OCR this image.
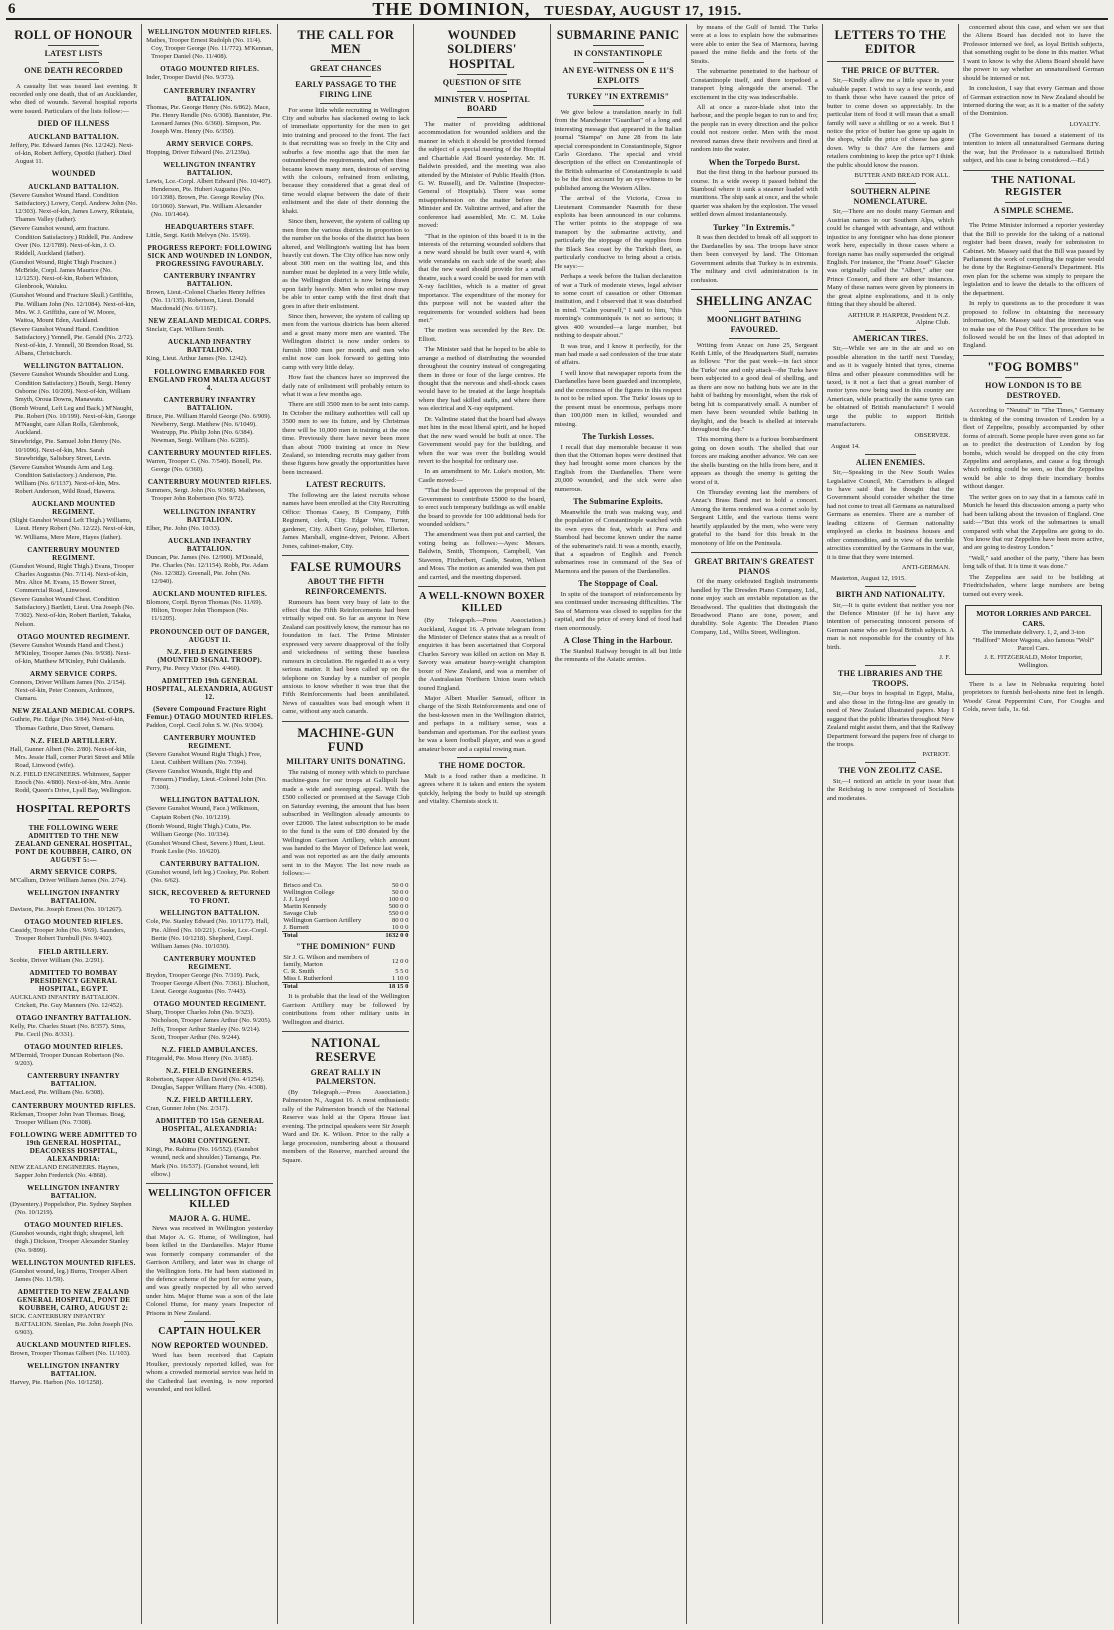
6	THE DOMINION, TUESDAY, AUGUST 17, 1915.
ROLL OF HONOUR
LATEST LISTS
ONE DEATH RECORDED

A casualty list was issued last evening. It recorded only one death, that of an Aucklander, who died of wounds. Several hospital reports were issued. Particulars of the lists follow:—

DIED OF ILLNESS
AUCKLAND BATTALION.

Jeffery, Pte. Edward James (No. 12/242). Next-of-kin, Robert Jeffery, Opotiki (father). Died August 11.

WOUNDED
AUCKLAND BATTALION.

(Severe Gunshot Wound Hand. Condition Satisfactory.) Lowry, Corpl. Andrew John (No. 12/303). Next-of-kin, James Lowry, Rikutaia, Thames Valley (father).

(Severe Gunshot wound, arm fracture. Condition Satisfactory.) Riddell, Pte. Andrew Over (No. 12/1789). Next-of-kin, J. O. Riddell, Auckland (father).

(Gunshot Wound, Right Thigh Fracture.) McBride, Corpl. James Maurice (No. 12/1253). Next-of-kin, Robert Whiston, Glenbrook, Waiuku.

(Gunshot Wound and Fracture Skull.) Griffiths, Pte. William John (No. 12/1084). Next-of-kin, Mrs. W. J. Griffiths, care of W. Moore, Waitoa, Mount Eden, Auckland.

(Severe Gunshot Wound Hand. Condition Satisfactory.) Yennell, Pte. Gerald (No. 2/72). Next-of-kin, J. Yennell, 30 Brendon Road, St. Albans, Christchurch.

WELLINGTON BATTALION.

(Severe Gunshot Wounds Shoulder and Lung. Condition Satisfactory.) Bouth, Sergt. Henry Osborne (No. 10/209). Next-of-kin, William Smyth, Oroua Downs, Manawatu.

(Bomb Wound, Left Leg and Back.) M'Naught, Pte. Robert (No. 10/199). Next-of-kin, George M'Naught, care Allan Rolls, Glenbrook, Auckland.

Strawbridge, Pte. Samuel John Henry (No. 10/1096). Next-of-kin, Mrs. Sarah Strawbridge, Salisbury Street, Levin.

(Severe Gunshot Wounds Arm and Leg. Condition Satisfactory.) Anderson, Pte. William (No. 6/1137). Next-of-kin, Mrs. Robert Anderson, Wild Road, Hawera.

AUCKLAND MOUNTED REGIMENT.

(Slight Gunshot Wound Left Thigh.) Williams, Lieut. Henry Robert (No. 12/22). Next-of-kin, W. Williams, Mere Mere, Hayes (father).

CANTERBURY MOUNTED REGIMENT.

(Gunshot Wound, Right Thigh.) Evans, Trooper Charles Augustus (No. 7/114). Next-of-kin, Mrs. Alice M. Evans, 15 Bower Street, Commercial Road, Linwood.

(Severe Gunshot Wound Chest. Condition Satisfactory.) Bartlett, Lieut. Una Joseph (No. 7/302). Next-of-kin, Robert Bartlett, Takaka, Nelson.

OTAGO MOUNTED REGIMENT.

(Severe Gunshot Wounds Hand and Chest.) M'Kinley, Trooper James (No. 9/938). Next-of-kin, Matthew M'Kinley, Puhi Oaklands.

ARMY SERVICE CORPS.

Connors, Driver William James (No. 2/154). Next-of-kin, Peter Connors, Ardmore, Oamaru.

NEW ZEALAND MEDICAL CORPS.

Guthrie, Pte. Edgar (No. 3/84). Next-of-kin, Thomas Guthrie, Duo Street, Oamaru.

N.Z. FIELD ARTILLERY.

Hall, Gunner Albert (No. 2/80). Next-of-kin, Mrs. Jessie Hall, corner Puriri Street and Mile Road, Linwood (wife).

N.Z. FIELD ENGINEERS. Whitmore, Sapper Enoch (No. 4/880). Next-of-kin, Mrs. Annie Rodd, Queen's Drive, Lyall Bay, Wellington.

HOSPITAL REPORTS
THE FOLLOWING WERE ADMITTED TO THE NEW ZEALAND GENERAL HOSPITAL, PONT DE KOUBBEH, CAIRO, ON AUGUST 5:—
ARMY SERVICE CORPS.

M'Callum, Driver William James (No. 2/74).

WELLINGTON INFANTRY BATTALION.

Davison, Pte. Joseph Ernest (No. 10/1267).

OTAGO MOUNTED RIFLES.

Cassidy, Trooper John (No. 9/69). Saunders, Trooper Robert Turnbull (No. 9/402).

FIELD ARTILLERY.

Scobie, Driver William (No. 2/291).

ADMITTED TO BOMBAY PRESIDENCY GENERAL HOSPITAL, EGYPT.

AUCKLAND INFANTRY BATTALION. Crickett, Pte. Guy Manners (No. 12/452).

OTAGO INFANTRY BATTALION.

Kelly, Pte. Charles Stuart (No. 8/357). Sims, Pte. Cecil (No. 8/331).

OTAGO MOUNTED RIFLES.

M'Dermid, Trooper Duncan Robertson (No. 9/203).

CANTERBURY INFANTRY BATTALION.

MacLeod, Pte. William (No. 6/308).

CANTERBURY MOUNTED RIFLES.

Rickman, Trooper John Ivan Thomas. Boag, Trooper William (No. 7/308).

FOLLOWING WERE ADMITTED TO 19th GENERAL HOSPITAL, DEACONESS HOSPITAL, ALEXANDRIA:

NEW ZEALAND ENGINEERS. Haynes, Sapper John Frederick (No. 4/868).

WELLINGTON INFANTRY BATTALION.

(Dysentery.) Poppelsthor, Pte. Sydney Stephen (No. 10/1219).

OTAGO MOUNTED RIFLES.

(Gunshot wounds, right thigh; shrapnel, left thigh.) Dickson, Trooper Alexander Stanley (No. 9/899).

WELLINGTON MOUNTED RIFLES.

(Gunshot wound, leg.) Burns, Trooper Albert James (No. 11/59).

ADMITTED TO NEW ZEALAND GENERAL HOSPITAL, PONT DE KOUBBEH, CAIRO, AUGUST 2:

SICK. CANTERBURY INFANTRY BATTALION. Stenlan, Pte. John Joseph (No. 6/903).

AUCKLAND MOUNTED RIFLES.

Brown, Trooper Thomas Gilbert (No. 11/103).

WELLINGTON INFANTRY BATTALION.

Harvey, Pte. Harbon (No. 10/1258).

WELLINGTON MOUNTED RIFLES.

Mathes, Trooper Ernest Rudolph (No. 11/4). Coy, Trooper George (No. 11/772). M'Kennan, Trooper Daniel (No. 11/408).

OTAGO MOUNTED RIFLES.

Inder, Trooper David (No. 9/373).

CANTERBURY INFANTRY BATTALION.

Thomas, Pte. George Henry (No. 6/862). Mace, Pte. Henry Rendle (No. 6/308). Bannister, Pte. Leonard James (No. 6/360). Simpson, Pte. Joseph Wm. Henry (No. 6/350).

ARMY SERVICE CORPS.

Hopping, Driver Edward (No. 2/1239a).

WELLINGTON INFANTRY BATTALION.

Lewis, Lce.-Corpl. Albert Edward (No. 10/407). Henderson, Pte. Hubert Augustus (No. 10/1398). Brown, Pte. George Rowlay (No. 10/1060). Stewart, Pte. William Alexander (No. 10/1464).

HEADQUARTERS STAFF.

Little, Sergt. Keith Melvyn (No. 15/69).

PROGRESS REPORT: FOLLOWING SICK AND WOUNDED IN LONDON, PROGRESSING FAVOURABLY.
CANTERBURY INFANTRY BATTALION.

Brown, Lieut.-Colonel Charles Henry Jeffries (No. 11/135). Robertson, Lieut. Donald Macdonald (No. 6/1167).

NEW ZEALAND MEDICAL CORPS.

Sinclair, Capt. William Smith.

AUCKLAND INFANTRY BATTALION.

King, Lieut. Arthur James (No. 12/42).

FOLLOWING EMBARKED FOR ENGLAND FROM MALTA AUGUST 4.
CANTERBURY INFANTRY BATTALION.

Bruce, Pte. William Harold George (No. 6/909). Newberry, Sergt. Matthew (No. 6/1049). Westrupp, Pte. Philip John (No. 6/384). Newman, Sergt. William (No. 6/285).

CANTERBURY MOUNTED RIFLES.

Warren, Trooper C. (No. 7/540). Bonell, Pte. George (No. 6/360).

CANTERBURY MOUNTED RIFLES.

Summers, Sergt. John (No. 9/368). Matheson, Trooper John Robertson (No. 9/72).

WELLINGTON INFANTRY BATTALION.

Elber, Pte. John (No. 10/33).

AUCKLAND INFANTRY BATTALION.

Duncan, Pte. James (No. 12/990). M'Donald, Pte. Charles (No. 12/1154). Robb, Pte. Adam (No. 12/382). Greenall, Pte. John (No. 12/940).

AUCKLAND MOUNTED RIFLES.

Blomore, Corpl. Byron Thomas (No. 11/69). Hilton, Trooper John Thompson (No. 11/1205).

PRONOUNCED OUT OF DANGER, AUGUST 11.
N.Z. FIELD ENGINEERS (MOUNTED SIGNAL TROOP).

Perry, Pte. Percy Victor (No. 4/460).

ADMITTED 19th GENERAL HOSPITAL, ALEXANDRIA, AUGUST 12.
(Severe Compound Fracture Right Femur.) OTAGO MOUNTED RIFLES.

Paddon, Corpl. Cecil John S. W. (No. 9/304).

CANTERBURY MOUNTED REGIMENT.

(Severe Gunshot Wound Right Thigh.) Free, Lieut. Cuthbert William (No. 7/394).

(Severe Gunshot Wounds, Right Hip and Forearm.) Findlay, Lieut.-Colonel John (No. 7/300).

WELLINGTON BATTALION.

(Severe Gunshot Wound, Face.) Wilkinson, Captain Robert (No. 10/1219).

(Bomb Wound, Right Thigh.) Cutts, Pte. William George (No. 10/334).

(Gunshot Wound Chest, Severe.) Hunt, Lieut. Frank Leslie (No. 10/620).

CANTERBURY BATTALION.

(Gunshot wound, left leg.) Cookey, Pte. Robert (No. 6/62).

SICK, RECOVERED & RETURNED TO FRONT.
WELLINGTON BATTALION.

Cole, Pte. Stanley Edward (No. 10/1177). Hall, Pte. Alfred (No. 10/221). Cooke, Lce.-Corpl. Bertie (No. 10/1218). Shepherd, Corpl. William James (No. 10/1030).

CANTERBURY MOUNTED REGIMENT.

Brydon, Trooper George (No. 7/319). Pack, Trooper George Albert (No. 7/361). Bluchott, Lieut. George Augustus (No. 7/443).

OTAGO MOUNTED REGIMENT.

Sharp, Trooper Charles John (No. 9/323). Nicholson, Trooper James Arthur (No. 9/205). Jeffs, Trooper Arthur Stanley (No. 9/214). Scott, Trooper Arthur (No. 9/244).

N.Z. FIELD AMBULANCES.

Fitzgerald, Pte. Moss Henry (No. 3/185).

N.Z. FIELD ENGINEERS.

Robertson, Sapper Allan David (No. 4/1254). Douglas, Sapper William Harry (No. 4/308).

N.Z. FIELD ARTILLERY.

Cran, Gunner John (No. 2/317).

ADMITTED TO 15th GENERAL HOSPITAL, ALEXANDRIA:
MAORI CONTINGENT.

Kingi, Pte. Rahima (No. 16/552). (Gunshot wound, neck and shoulder.) Tamanga, Pte. Mark (No. 16/537). (Gunshot wound, left elbow.)

WELLINGTON OFFICER KILLED
MAJOR A. G. HUME.

News was received in Wellington yesterday that Major A. G. Hume, of Wellington, had been killed in the Dardanelles. Major Hume was formerly company commander of the Garrison Artillery, and later was in charge of the Wellington forts. He had been stationed in the defence scheme of the port for some years, and was greatly respected by all who served under him. Major Hume was a son of the late Colonel Hume, for many years Inspector of Prisons in New Zealand.

CAPTAIN HOULKER
NOW REPORTED WOUNDED.

Word has been received that Captain Houlker, previously reported killed, was for whom a crowded memorial service was held in the Cathedral last evening, is now reported wounded, and not killed.

THE CALL FOR MEN
GREAT CHANCES
EARLY PASSAGE TO THE FIRING LINE

For some little while recruiting in Wellington City and suburbs has slackened owing to lack of immediate opportunity for the men to get into training and proceed to the front. The fact is that recruiting was so freely in the City and suburbs a few months ago that the men far outnumbered the requirements, and when these became known many men, desirous of serving with the colours, refrained from enlisting, because they considered that a great deal of time would elapse between the date of their enlistment and the date of their donning the khaki.

Since then, however, the system of calling up men from the various districts in proportion to the number on the books of the district has been altered, and Wellington's waiting list has been heavily cut down. The City office has now only about 300 men on the waiting list, and this number must be depleted in a very little while, as the Wellington district is now being drawn upon fairly heavily. Men who enlist now may be able to enter camp with the first draft that goes in after their enlistment.

Since then, however, the system of calling up men from the various districts has been altered and a great many more men are wanted. The Wellington district is now under orders to furnish 1000 men per month, and men who enlist now can look forward to getting into camp with very little delay.

How fast the chances have so improved the daily rate of enlistment will probably return to what it was a few months ago.

There are still 3500 men to be sent into camp. In October the military authorities will call up 3500 men to see its future, and by Christmas there will be 10,000 men in training at the one time. Previously there have never been more than about 7000 training at once in New Zealand, so intending recruits may gather from these figures how greatly the opportunities have been increased.

LATEST RECRUITS.

The following are the latest recruits whose names have been enrolled at the City Recruiting Office: Thomas Casey, B Company, Fifth Regiment, clerk, City. Edgar Wm. Turner, gardener, City. Albert Gray, polisher, Ellerton. James Marshall, engine-driver, Petone. Albert Jones, cabinet-maker, City.

FALSE RUMOURS
ABOUT THE FIFTH REINFORCEMENTS.

Rumours has been very busy of late to the effect that the Fifth Reinforcements had been virtually wiped out. So far as anyone in New Zealand can positively know, the rumour has no foundation in fact. The Prime Minister expressed very severe disapproval of the folly and wickedness of setting these baseless rumours in circulation. He regarded it as a very serious matter. It had been called up on the telephone on Sunday by a number of people anxious to know whether it was true that the Fifth Reinforcements had been annihilated. News of casualties was bad enough when it came, without any such canards.

MACHINE-GUN FUND
MILITARY UNITS DONATING.

The raising of money with which to purchase machine-guns for our troops at Gallipoli has made a wide and sweeping appeal. With the £500 collected or promised at the Savage Club on Saturday evening, the amount that has been subscribed in Wellington already amounts to over £2000. The latest subscription to be made to the fund is the sum of £80 donated by the Wellington Garrison Artillery, which amount was handed to the Mayor of Defence last week, and was not reported as are the daily amounts sent in to the Mayor. The list now reads as follows:—

Brisco and Co.	50 0 0
Wellington College	50 0 0
J. J. Loyd	100 0 0
Martin Kennedy	500 0 0
Savage Club	550 0 0
Wellington Garrison Artillery	80 0 0
J. Burnett	10 0 0
Total	1632 0 0
"THE DOMINION" FUND
Sir J. G. Wilson and members of family, Marton	12 0 0
C. R. Smith	5 5 0
Miss I. Rutherford	1 10 0
Total	18 15 0

It is probable that the lead of the Wellington Garrison Artillery may be followed by contributions from other military units in Wellington and district.

NATIONAL RESERVE
GREAT RALLY IN PALMERSTON.

(By Telegraph.—Press Association.) Palmerston N., August 16. A most enthusiastic rally of the Palmerston branch of the National Reserve was held at the Opera House last evening. The principal speakers were Sir Joseph Ward and Dr. K. Wilson. Prior to the rally a large procession, numbering about a thousand members of the Reserve, marched around the Square.

WOUNDED SOLDIERS' HOSPITAL
QUESTION OF SITE
MINISTER V. HOSPITAL BOARD

The matter of providing additional accommodation for wounded soldiers and the manner in which it should be provided formed the subject of a special meeting of the Hospital and Charitable Aid Board yesterday. Mr. H. Baldwin presided, and the meeting was also attended by the Minister of Public Health (Hon. G. W. Russell), and Dr. Valintine (Inspector-General of Hospitals). There was some misapprehension on the matter before the Minister and Dr. Valintine arrived, and after the conference had assembled, Mr. C. M. Luke moved:

"That in the opinion of this board it is in the interests of the returning wounded soldiers that a new ward should be built over ward 4, with wide verandahs on each side of the ward; also that the new ward should provide for a small theatre, such a ward could be used for men with X-ray facilities, which is a matter of great importance. The expenditure of the money for this purpose will not be wasted after the requirements for wounded soldiers had been met."

The motion was seconded by the Rev. Dr. Elliott.

The Minister said that he hoped to be able to arrange a method of distributing the wounded throughout the country instead of congregating them in three or four of the large centres. He thought that the nervous and shell-shock cases would have to be treated at the large hospitals where they had skilled staffs, and where there was electrical and X-ray equipment.

Dr. Valintine stated that the board had always met him in the most liberal spirit, and he hoped that the new ward would be built at once. The Government would pay for the building, and when the war was over the building would revert to the hospital for ordinary use.

In an amendment to Mr. Luke's motion, Mr. Castle moved:—

"That the board approves the proposal of the Government to contribute £5000 to the board, to erect such temporary buildings as will enable the board to provide for 100 additional beds for wounded soldiers."

The amendment was then put and carried, the voting being as follows:—Ayes: Messrs. Baldwin, Smith, Thompson, Campbell, Van Staveren, Fitzherbert, Castle, Seaton, Wilson and Moss. The motion as amended was then put and carried, and the meeting dispersed.

A WELL-KNOWN BOXER KILLED

(By Telegraph.—Press Association.) Auckland, August 16. A private telegram from the Minister of Defence states that as a result of enquiries it has been ascertained that Corporal Charles Savory was killed on action on May 8. Savory was amateur heavy-weight champion boxer of New Zealand, and was a member of the Australasian Northern Union team which toured England.

Major Albert Mueller Samuel, officer in charge of the Sixth Reinforcements and one of the best-known men in the Wellington district, and perhaps in a military sense, was a bandsman and sportsman. For the earliest years he was a keen football player, and was a good amateur boxer and a capital rowing man.

THE HOME DOCTOR.

Malt is a food rather than a medicine. It agrees where it is taken and enters the system quickly, helping the body to build up strength and vitality. Chemists stock it.

SUBMARINE PANIC
IN CONSTANTINOPLE
AN EYE-WITNESS ON E 11'S EXPLOITS
TURKEY "IN EXTREMIS"

We give below a translation nearly in full from the Manchester "Guardian" of a long and interesting message that appeared in the Italian journal "Stampa" on June 28 from its late special correspondent in Constantinople, Signor Carlo Giordano. The special and vivid description of the effect on Constantinople of the British submarine of Constantinople is said to be the first account by an eye-witness to be published among the Western Allies.

The arrival of the Victoria, Cross to Lieutenant Commander Nasmith for these exploits has been announced in our columns. The writer points to the stoppage of sea transport by the submarine activity, and particularly the stoppage of the supplies from the Black Sea coast by the Turkish fleet, as particularly conducive to bring about a crisis. He says:—

Perhaps a week before the Italian declaration of war a Turk of moderate views, legal adviser to some court of cassation or other Ottoman institution, and I observed that it was disturbed in mind. "Calm yourself," I said to him, "this morning's communiqués is not so serious; it gives 400 wounded—a large number, but nothing to despair about."

It was true, and I know it perfectly, for the man had made a sad confession of the true state of affairs.

I well know that newspaper reports from the Dardanelles have been guarded and incomplete, and the correctness of the figures in this respect is not to be relied upon. The Turks' losses up to the present must be enormous, perhaps more than 100,000 men in killed, wounded and missing.

The Turkish Losses.

I recall that day memorable because it was then that the Ottoman hopes were destined that they had brought some more chances by the English from the Dardanelles. There were 20,000 wounded, and the sick were also numerous.

The Submarine Exploits.

Meanwhile the truth was making way, and the population of Constantinople watched with its own eyes the feat, which at Pera and Stamboul had become known under the name of the submarine's raid. It was a month, exactly, that a squadron of English and French submarines rose in command of the Sea of Marmora and the passes of the Dardanelles.

The Stoppage of Coal.

In spite of the transport of reinforcements by sea continued under increasing difficulties. The Sea of Marmora was closed to supplies for the capital, and the price of every kind of food had risen enormously.

A Close Thing in the Harbour.

The Stanbul Railway brought in all but little the remnants of the Asiatic armies.

by means of the Gulf of Ismid. The Turks were at a loss to explain how the submarines were able to enter the Sea of Marmora, having passed the mine fields and the forts of the Straits.

The submarine penetrated to the harbour of Constantinople itself, and there torpedoed a transport lying alongside the arsenal. The excitement in the city was indescribable.

All at once a razor-blade shot into the harbour, and the people began to run to and fro; the people ran in every direction and the police could not restore order. Men with the most revered names drew their revolvers and fired at random into the water.

When the Torpedo Burst.

But the first thing in the harbour pursued its course. In a wide sweep it passed behind the Stamboul where it sunk a steamer loaded with munitions. The ship sank at once, and the whole quarter was shaken by the explosion. The vessel settled down almost instantaneously.

Turkey "In Extremis."

It was then decided to break off all support to the Dardanelles by sea. The troops have since then been conveyed by land. The Ottoman Government admits that Turkey is in extremis. The military and civil administration is in confusion.

SHELLING ANZAC
MOONLIGHT BATHING FAVOURED.

Writing from Anzac on June 25, Sergeant Keith Little, of the Headquarters Staff, narrates as follows: "For the past week—in fact since the Turks' one and only attack—the Turks have been subjected to a good deal of shelling, and as there are now no bathing huts we are in the habit of bathing by moonlight, when the risk of being hit is comparatively small. A number of men have been wounded while bathing in daylight, and the beach is shelled at intervals throughout the day."

This morning there is a furious bombardment going on down south. The shelled that our forces are making another advance. We can see the shells bursting on the hills from here, and it appears as though the enemy is getting the worst of it.

On Thursday evening last the members of Anzac's Brass Band met to hold a concert. Among the items rendered was a cornet solo by Sergeant Little, and the various items were heartily applauded by the men, who were very grateful to the band for this break in the monotony of life on the Peninsula.

GREAT BRITAIN'S GREATEST PIANOS

Of the many celebrated English instruments handled by The Dresden Piano Company, Ltd., none enjoy such an enviable reputation as the Broadwood. The qualities that distinguish the Broadwood Piano are tone, power, and durability. Sole Agents: The Dresden Piano Company, Ltd., Willis Street, Wellington.

LETTERS TO THE EDITOR
THE PRICE OF BUTTER.

Sir,—Kindly allow me a little space in your valuable paper. I wish to say a few words, and to thank those who have caused the price of butter to come down so appreciably. In the particular item of food it will mean that a small family will save a shilling or so a week. But I notice the price of butter has gone up again in the shops, while the price of cheese has gone down. Why is this? Are the farmers and retailers combining to keep the price up? I think the public should know the reason.

BUTTER AND BREAD FOR ALL.
SOUTHERN ALPINE NOMENCLATURE.

Sir,—There are no doubt many German and Austrian names in our Southern Alps, which could be changed with advantage, and without injustice to any foreigner who has done pioneer work here, especially in those cases where a foreign name has really superseded the original English. For instance, the "Franz Josef" Glacier was originally called the "Albert," after our Prince Consort, and there are other instances. Many of these names were given by pioneers in the great alpine explorations, and it is only fitting that they should be altered.

ARTHUR P. HARPER, President N.Z. Alpine Club.
AMERICAN TIRES.

Sir,—While we are in the air and so on possible alteration in the tariff next Tuesday, and as it is vaguely hinted that tyres, cinema films and other pleasure commodities will be taxed, is it not a fact that a great number of motor tyres now being used in this country are American, while practically the same tyres can be obtained of British manufacture? I would urge the public to support British manufacturers.

OBSERVER.
August 14.
ALIEN ENEMIES.

Sir,—Speaking in the New South Wales Legislative Council, Mr. Carruthers is alleged to have said that he thought that the Government should consider whether the time had not come to treat all Germans as naturalised Germans as enemies. There are a number of leading citizens of German nationality employed as clerks in business houses and other commodities, and in view of the terrible atrocities committed by the Germans in the war, it is time that they were interned.

ANTI-GERMAN.
Masterton, August 12, 1915.
BIRTH AND NATIONALITY.

Sir,—It is quite evident that neither you nor the Defence Minister (if he is) have any intention of persecuting innocent persons of German name who are loyal British subjects. A man is not responsible for the country of his birth.

J. F.
THE LIBRARIES AND THE TROOPS.

Sir,—Our boys in hospital in Egypt, Malta, and also those in the firing-line are greatly in need of New Zealand illustrated papers. May I suggest that the public libraries throughout New Zealand might assist them, and that the Railway Department forward the papers free of charge to the troops.

PATRIOT.
THE VON ZEOLITZ CASE.

Sir,—I noticed an article in your issue that the Reichstag is now composed of Socialists and moderates.

concerned about this case, and when we see that the Aliens Board has decided not to have the Professor interned we feel, as loyal British subjects, that something ought to be done in this matter. What I want to know is why the Aliens Board should have the power to say whether an unnaturalised German should be interned or not.

In conclusion, I say that every German and those of German extraction now in New Zealand should be interned during the war, as it is a matter of the safety of the Dominion.

LOYALTY.

(The Government has issued a statement of its intention to intern all unnaturalised Germans during the war, but the Professor is a naturalised British subject, and his case is being considered.—Ed.)

THE NATIONAL REGISTER
A SIMPLE SCHEME.

The Prime Minister informed a reporter yesterday that the Bill to provide for the taking of a national register had been drawn, ready for submission to Cabinet. Mr. Massey said that the Bill was passed by Parliament the work of compiling the register would be done by the Registrar-General's Department. His own plan for the scheme was simply to prepare the legislation and to leave the details to the officers of the department.

In reply to questions as to the procedure it was proposed to follow in obtaining the necessary information, Mr. Massey said that the intention was to make use of the Post Office. The procedure to be followed would be on the lines of that adopted in England.

"FOG BOMBS"
HOW LONDON IS TO BE DESTROYED.

According to "Neutral" in "The Times," Germany is thinking of the coming invasion of London by a fleet of Zeppelins, possibly accompanied by other forms of aircraft. Some people have even gone so far as to predict the destruction of London by fog bombs, which would be dropped on the city from Zeppelins and aeroplanes, and cause a fog through which nothing could be seen, so that the Zeppelins would be able to drop their incendiary bombs without danger.

The writer goes on to say that in a famous café in Munich he heard this discussion among a party who had been talking about the invasion of England. One said:—"But this work of the submarines is small compared with what the Zeppelins are going to do. You know that our Zeppelins have been more active, and are going to destroy London."

"Well," said another of the party, "there has been long talk of that. It is time it was done."

The Zeppelins are said to be building at Friedrichshafen, where large numbers are being turned out every week.

MOTOR LORRIES AND PARCEL CARS.
The immediate delivery. 1, 2, and 3-ton "Hallford" Motor Wagons, also famous "Wolf" Parcel Cars.
J. E. FITZGERALD, Motor Importer, Wellington.

There is a law in Nebraska requiring hotel proprietors to furnish bed-sheets nine feet in length. Woods' Great Peppermint Cure, For Coughs and Colds, never fails, 1s. 6d.
